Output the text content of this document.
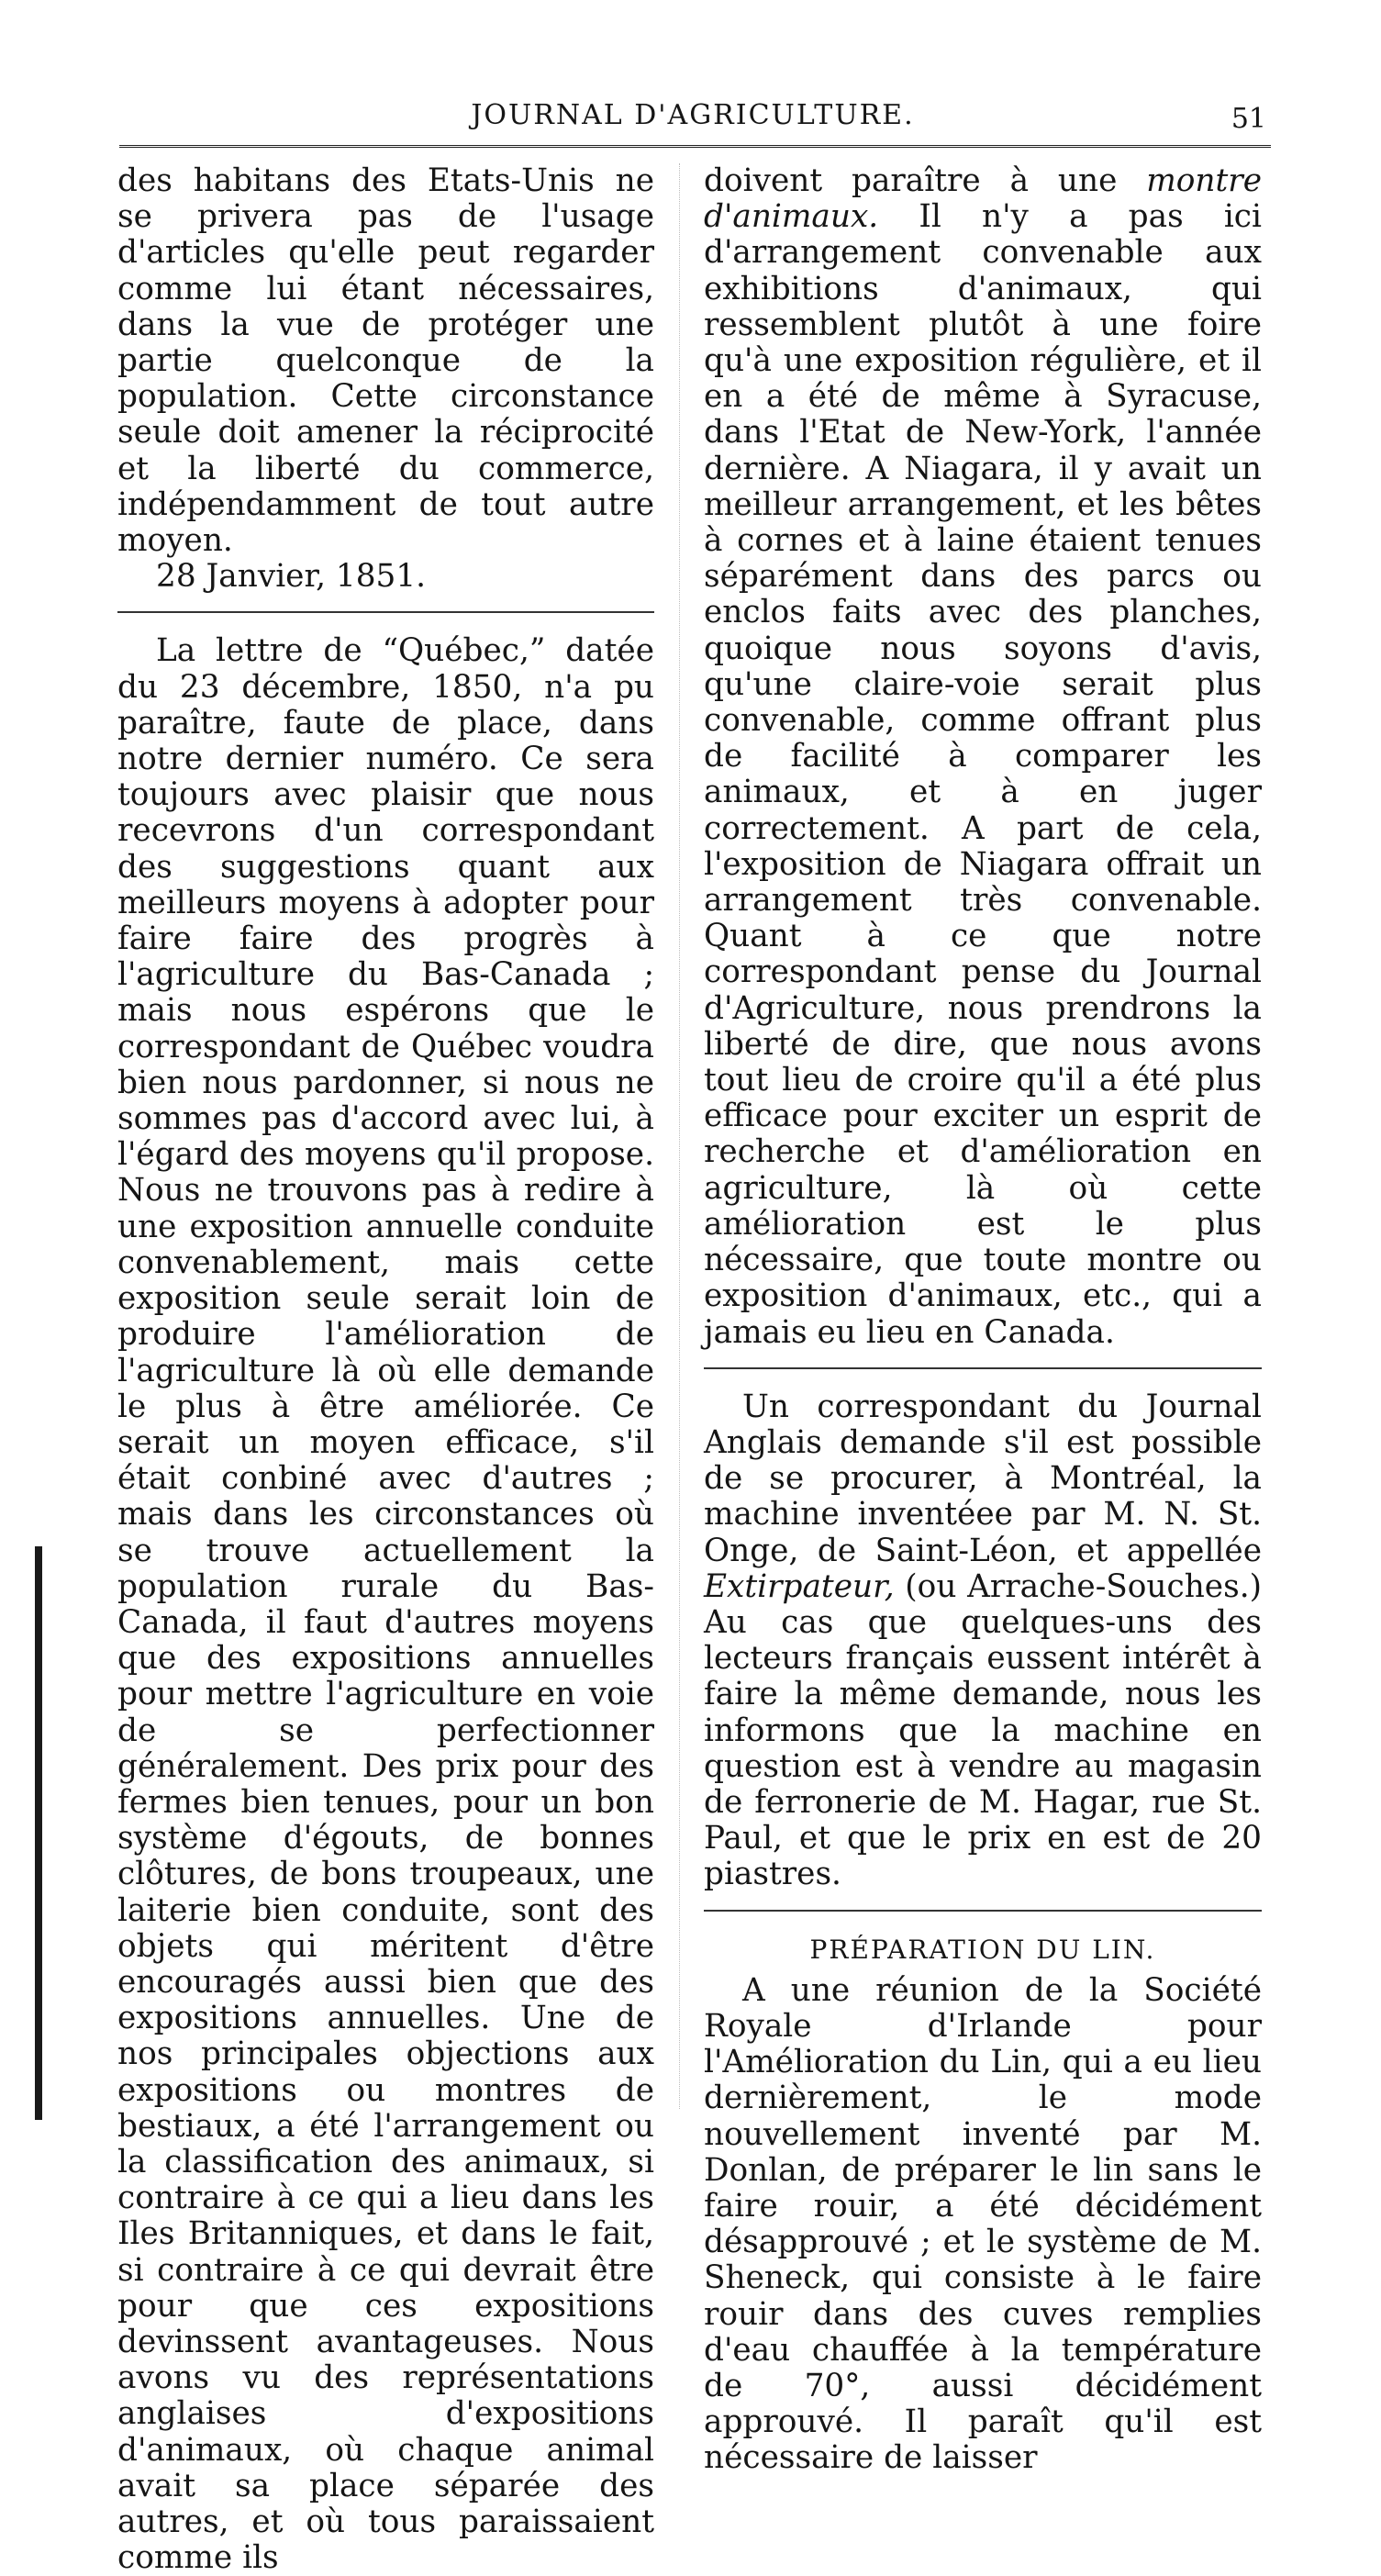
JOURNAL D'AGRICULTURE.	51

des habitans des Etats-Unis ne se privera pas de l'usage d'articles qu'elle peut regarder comme lui étant nécessaires, dans la vue de protéger une partie quelconque de la population. Cette circonstance seule doit amener la réciprocité et la liberté du commerce, indépendamment de tout autre moyen.

28 Janvier, 1851.

La lettre de “Québec,” datée du 23 décembre, 1850, n'a pu paraître, faute de place, dans notre dernier numéro. Ce sera toujours avec plaisir que nous recevrons d'un correspondant des suggestions quant aux meilleurs moyens à adopter pour faire faire des progrès à l'agriculture du Bas-Canada ; mais nous espérons que le correspondant de Québec voudra bien nous pardonner, si nous ne sommes pas d'accord avec lui, à l'égard des moyens qu'il propose. Nous ne trouvons pas à redire à une exposition annuelle conduite convenablement, mais cette exposition seule serait loin de produire l'amélioration de l'agriculture là où elle demande le plus à être améliorée. Ce serait un moyen efficace, s'il était conbiné avec d'autres ; mais dans les circonstances où se trouve actuellement la population rurale du Bas-Canada, il faut d'autres moyens que des expositions annuelles pour mettre l'agriculture en voie de se perfectionner généralement. Des prix pour des fermes bien tenues, pour un bon système d'égouts, de bonnes clôtures, de bons troupeaux, une laiterie bien conduite, sont des objets qui méritent d'être encouragés aussi bien que des expositions annuelles. Une de nos principales objections aux expositions ou montres de bestiaux, a été l'arrangement ou la classification des animaux, si contraire à ce qui a lieu dans les Iles Britanniques, et dans le fait, si contraire à ce qui devrait être pour que ces expositions devinssent avantageuses. Nous avons vu des représentations anglaises d'expositions d'animaux, où chaque animal avait sa place séparée des autres, et où tous paraissaient comme ils

doivent paraître à une montre d'animaux. Il n'y a pas ici d'arrangement convenable aux exhibitions d'animaux, qui ressemblent plutôt à une foire qu'à une exposition régulière, et il en a été de même à Syracuse, dans l'Etat de New-York, l'année dernière. A Niagara, il y avait un meilleur arrangement, et les bêtes à cornes et à laine étaient tenues séparément dans des parcs ou enclos faits avec des planches, quoique nous soyons d'avis, qu'une claire-voie serait plus convenable, comme offrant plus de facilité à comparer les animaux, et à en juger correctement. A part de cela, l'exposition de Niagara offrait un arrangement très convenable. Quant à ce que notre correspondant pense du Journal d'Agriculture, nous prendrons la liberté de dire, que nous avons tout lieu de croire qu'il a été plus efficace pour exciter un esprit de recherche et d'amélioration en agriculture, là où cette amélioration est le plus nécessaire, que toute montre ou exposition d'animaux, etc., qui a jamais eu lieu en Canada.

Un correspondant du Journal Anglais demande s'il est possible de se procurer, à Montréal, la machine inventéee par M. N. St. Onge, de Saint-Léon, et appellée Extirpateur, (ou Arrache-Souches.) Au cas que quelques-uns des lecteurs français eussent intérêt à faire la même demande, nous les informons que la machine en question est à vendre au magasin de ferronerie de M. Hagar, rue St. Paul, et que le prix en est de 20 piastres.

PRÉPARATION DU LIN.

A une réunion de la Société Royale d'Irlande pour l'Amélioration du Lin, qui a eu lieu dernièrement, le mode nouvellement inventé par M. Donlan, de préparer le lin sans le faire rouir, a été décidément désapprouvé ; et le système de M. Sheneck, qui consiste à le faire rouir dans des cuves remplies d'eau chauffée à la température de 70°, aussi décidément approuvé. Il paraît qu'il est nécessaire de laisser
